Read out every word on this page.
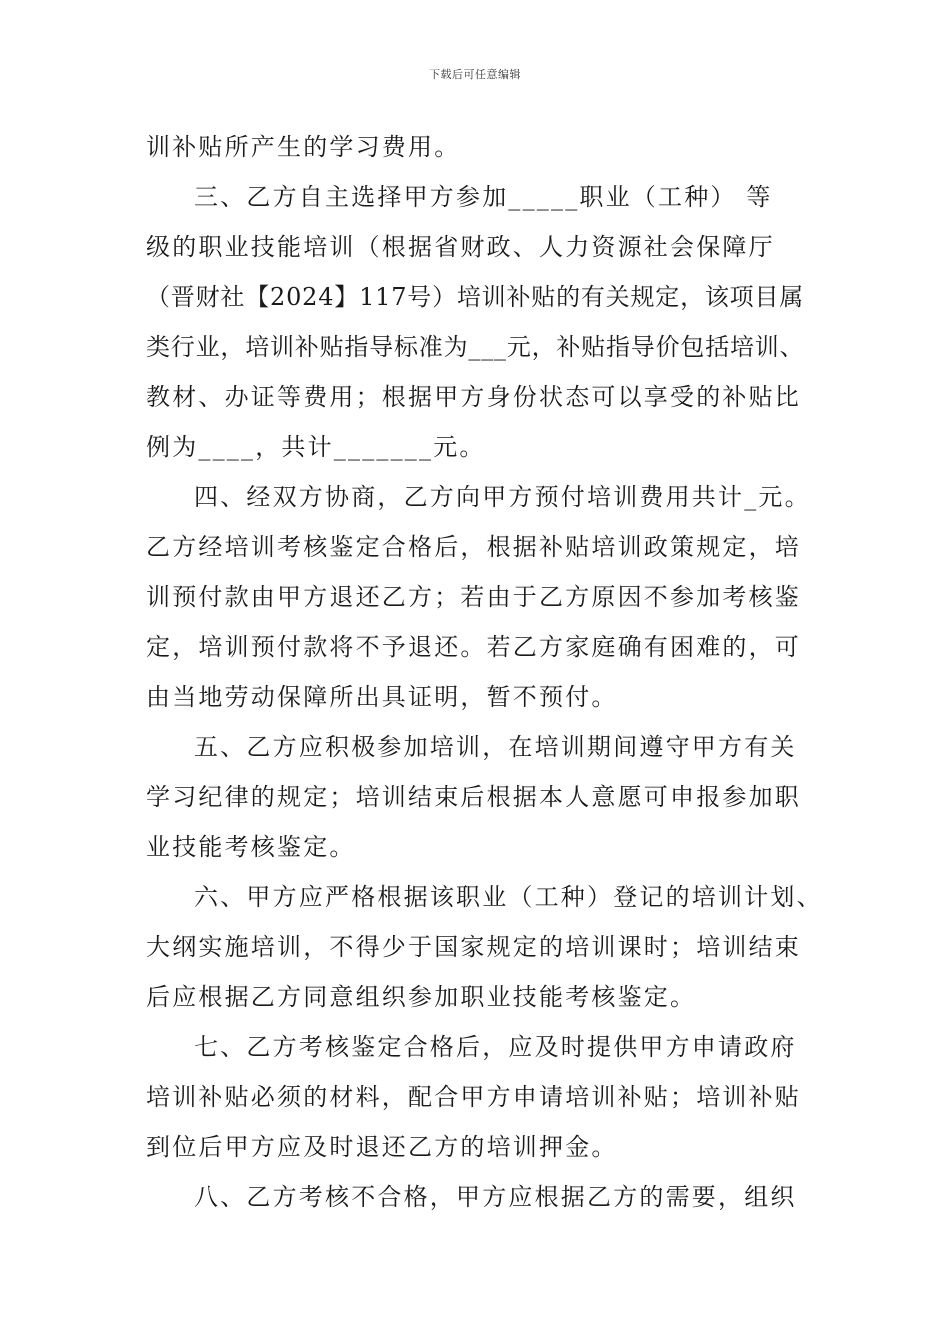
下载后可任意编辑
训补贴所产生的学习费用。
三、乙方自主选择甲方参加_____职业（工种） 等
级的职业技能培训（根据省财政、人力资源社会保障厅
（晋财社【2024】117号）培训补贴的有关规定，该项目属
类行业，培训补贴指导标准为___元，补贴指导价包括培训、
教材、办证等费用；根据甲方身份状态可以享受的补贴比
例为____，共计_______元。
四、经双方协商，乙方向甲方预付培训费用共计_元。
乙方经培训考核鉴定合格后，根据补贴培训政策规定，培
训预付款由甲方退还乙方；若由于乙方原因不参加考核鉴
定，培训预付款将不予退还。若乙方家庭确有困难的，可
由当地劳动保障所出具证明，暂不预付。
五、乙方应积极参加培训，在培训期间遵守甲方有关
学习纪律的规定；培训结束后根据本人意愿可申报参加职
业技能考核鉴定。
六、甲方应严格根据该职业（工种）登记的培训计划、
大纲实施培训，不得少于国家规定的培训课时；培训结束
后应根据乙方同意组织参加职业技能考核鉴定。
七、乙方考核鉴定合格后，应及时提供甲方申请政府
培训补贴必须的材料，配合甲方申请培训补贴；培训补贴
到位后甲方应及时退还乙方的培训押金。
八、乙方考核不合格，甲方应根据乙方的需要，组织
